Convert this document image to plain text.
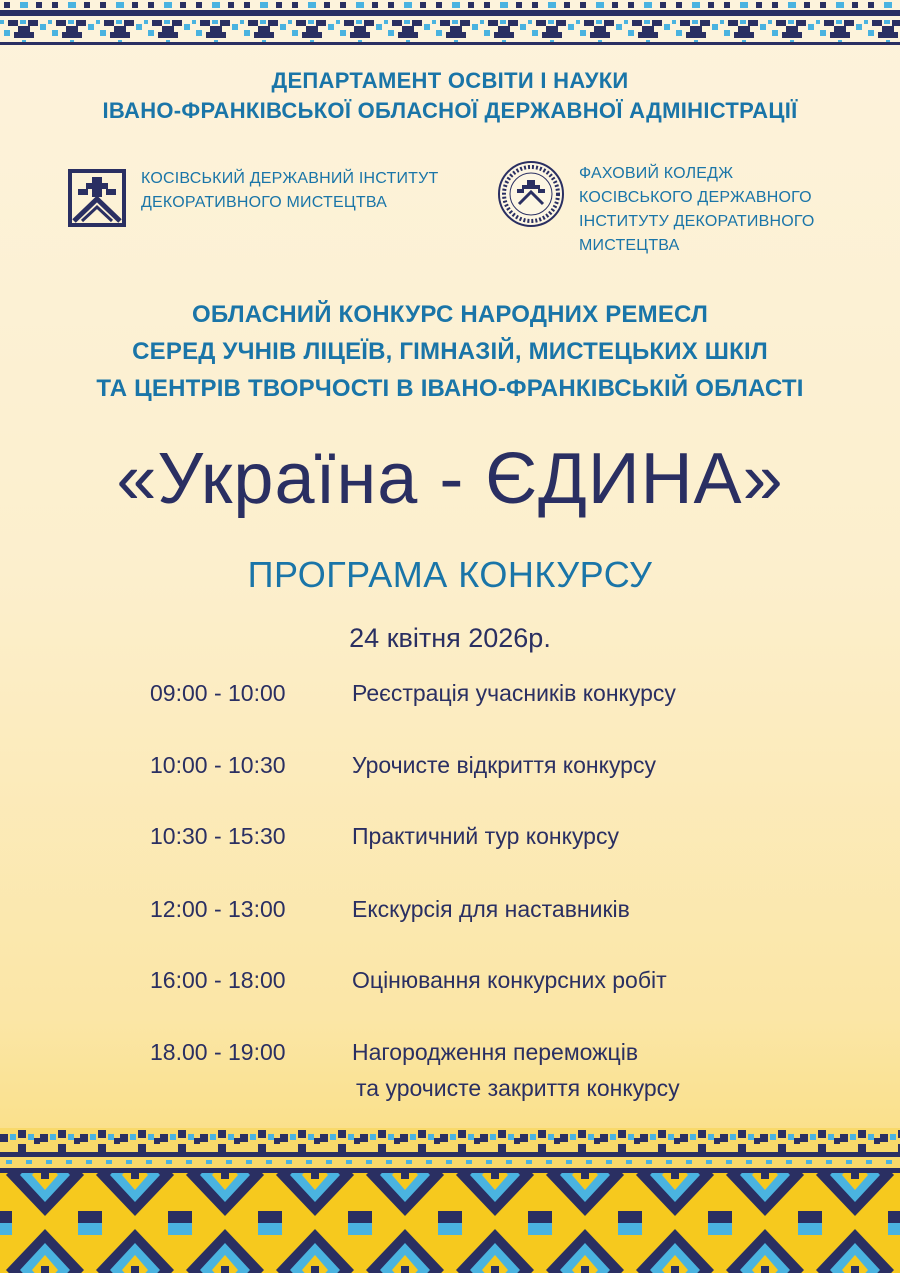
ДЕПАРТАМЕНТ ОСВІТИ І НАУКИ
ІВАНО-ФРАНКІВСЬКОЇ ОБЛАСНОЇ ДЕРЖАВНОЇ АДМІНІСТРАЦІЇ
КОСІВСЬКИЙ ДЕРЖАВНИЙ ІНСТИТУТ
ДЕКОРАТИВНОГО МИСТЕЦТВА
ФАХОВИЙ КОЛЕДЖ
КОСІВСЬКОГО ДЕРЖАВНОГО
ІНСТИТУТУ ДЕКОРАТИВНОГО
МИСТЕЦТВА
ОБЛАСНИЙ КОНКУРС НАРОДНИХ РЕМЕСЛ
СЕРЕД УЧНІВ ЛІЦЕЇВ, ГІМНАЗІЙ, МИСТЕЦЬКИХ ШКІЛ
ТА ЦЕНТРІВ ТВОРЧОСТІ В ІВАНО-ФРАНКІВСЬКІЙ ОБЛАСТІ
«Україна - ЄДИНА»
ПРОГРАМА КОНКУРСУ
24 квітня 2026р.
09:00 - 10:00	Реєстрація учасників конкурсу
10:00 - 10:30	Урочисте відкриття конкурсу
10:30 - 15:30	Практичний тур конкурсу
12:00 - 13:00	Екскурсія для наставників
16:00 - 18:00	Оцінювання конкурсних робіт
18.00 - 19:00	Нагородження переможців
та урочисте закриття конкурсу
